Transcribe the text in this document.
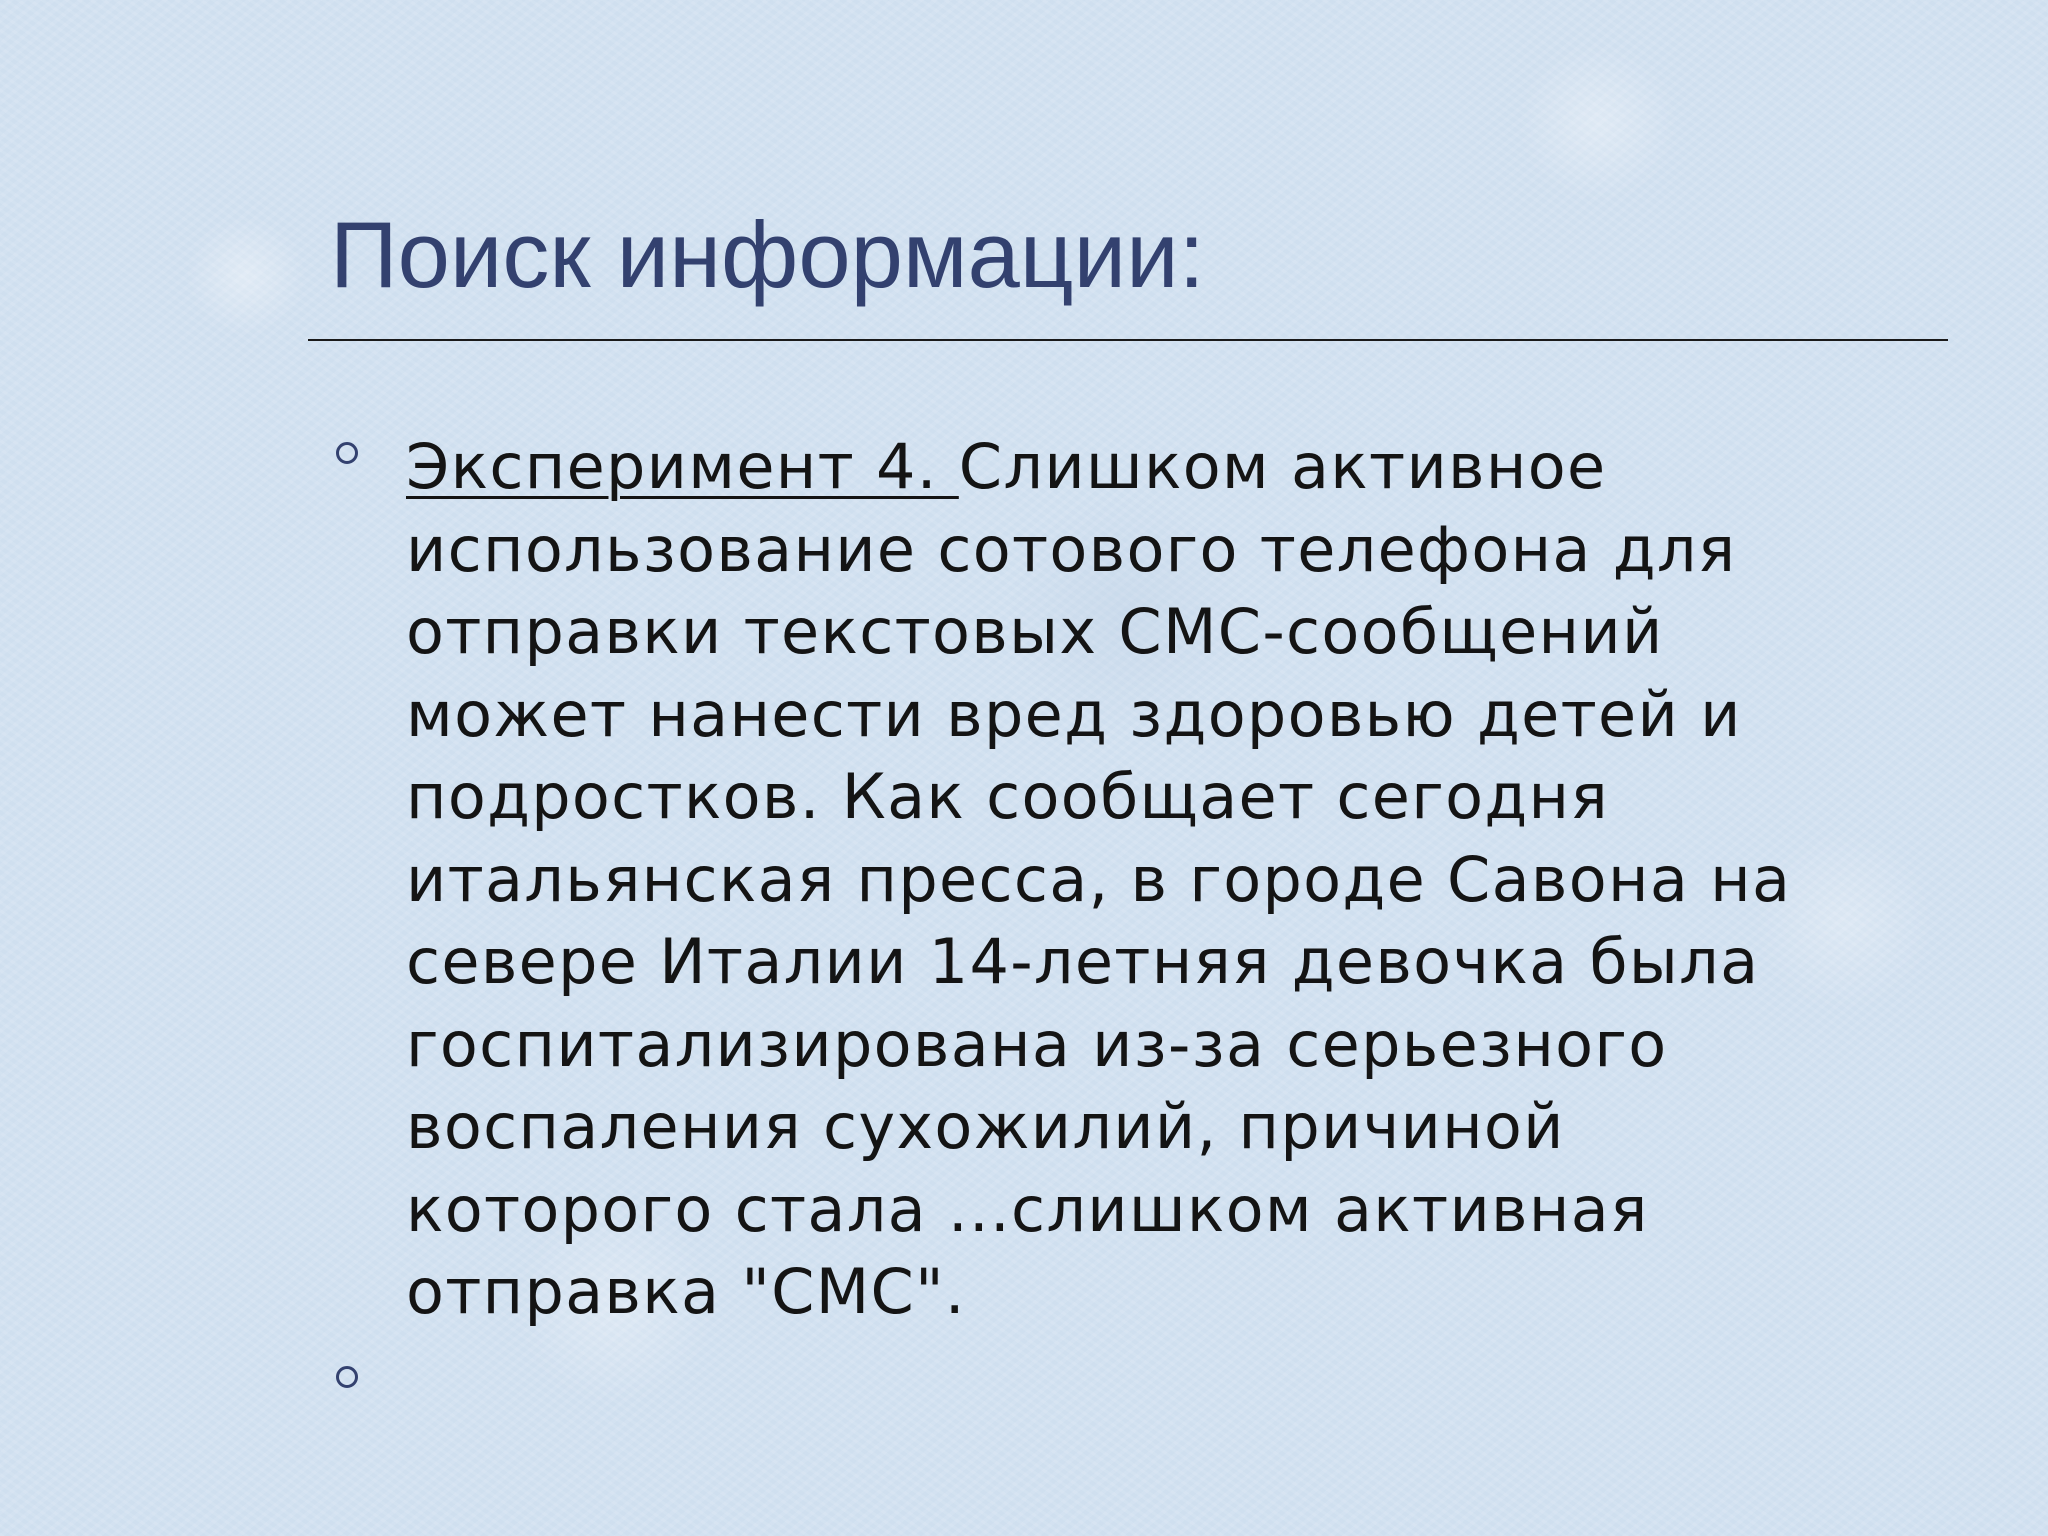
Поиск информации:
Эксперимент 4. Слишком активное
использование сотового телефона для
отправки текстовых СМС-сообщений
может нанести вред здоровью детей и
подростков. Как сообщает сегодня
итальянская пресса, в городе Савона на
севере Италии 14-летняя девочка была
госпитализирована из-за серьезного
воспаления сухожилий, причиной
которого стала ...слишком активная
отправка "СМС".
